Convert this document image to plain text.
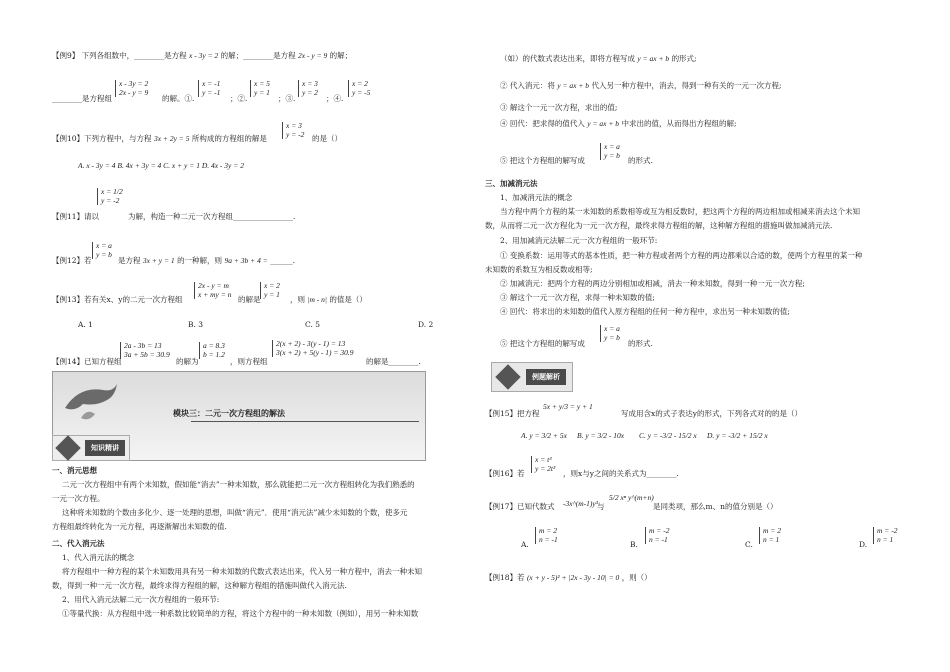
【例9】 下列各组数中，________是方程 x - 3y = 2 的解；________是方程 2x - y = 9 的解；
________是方程组
x - 3y = 2
2x - y = 9
的解。①.
x = -1
y = -1
；②.
x = 5
y = 1
；③.
x = 3
y = 2
；④.
x = 2
y = -5
【例10】下列方程中，与方程 3x + 2y = 5 所构成的方程组的解是
x = 3
y = -2 的是（）
A. x - 3y = 4 B. 4x + 3y = 4 C. x + y = 1 D. 4x - 3y = 2
【例11】请以
x = 1/2
y = -2
为解，构造一种二元一次方程组________________.
【例12】若
x = a
y = b
是方程 3x + y = 1 的一种解，则 9a + 3b + 4 = ______.
【例13】若有关x、y的二元一次方程组
2x - y = m
x + my = n
的解是
x = 2
y = 1
，则 |m - n| 的值是（）
A. 1	B. 3	C. 5	D. 2
【例14】已知方程组
2a - 3b = 13
3a + 5b = 30.9
的解为
a = 8.3
b = 1.2
，则方程组
2(x + 2) - 3(y - 1) = 13
3(x + 2) + 5(y - 1) = 30.9
的解是________.
模块三：二元一次方程组的解法
知识精讲
一、消元思想
二元一次方程组中有两个未知数，假如能“消去”一种未知数，那么就能把二元一次方程组转化为我们熟悉的
一元一次方程。
这种将未知数的个数由多化少、逐一处理的思想，叫做“消元”．使用“消元法”减少未知数的个数，使多元
方程组最终转化为一元方程，再逐渐解出未知数的值.
二、代入消元法
1、代入消元法的概念
将方程组中一种方程的某个未知数用具有另一种未知数的代数式表达出来，代入另一种方程中，消去一种未知
数，得到一种一元一次方程，最终求得方程组的解，这种解方程组的措施叫做代入消元法.
2、用代入消元法解二元一次方程组的一般环节:
①等量代换：从方程组中选一种系数比较简单的方程，将这个方程中的一种未知数（例如），用另一种未知数
（如）的代数式表达出来，即将方程写成 y = ax + b 的形式;
② 代入消元：将 y = ax + b 代入另一种方程中，消去，得到一种有关的一元一次方程;
③ 解这个一元一次方程，求出的值;
④ 回代：把求得的值代入 y = ax + b 中求出的值，从而得出方程组的解;
⑤ 把这个方程组的解写成
x = a
y = b
的形式.
三、加减消元法
1、加减消元法的概念
当方程中两个方程的某一未知数的系数相等或互为相反数时，把这两个方程的两边相加或相减来消去这个未知
数，从而将二元一次方程化为一元一次方程，最终求得方程组的解，这种解方程组的措施叫做加减消元法.
2、用加减消元法解二元一次方程组的一般环节:
① 变换系数：运用等式的基本性质，把一种方程或者两个方程的两边都乘以合适的数，使两个方程里的某一种
未知数的系数互为相反数或相等;
② 加减消元：把两个方程的两边分别相加或相减，消去一种未知数，得到一种一元一次方程;
③ 解这个一元一次方程，求得一种未知数的值;
④ 回代：将求出的未知数的值代入原方程组的任何一种方程中，求出另一种未知数的值;
⑤ 把这个方程组的解写成
x = a
y = b
的形式.
【例15】把方程
5x + y/3 = y + 1
写成用含x的式子表达y的形式，下列各式对的的是（）
A. y = 3/2 + 5x B. y = 3/2 - 10x C. y = -3/2 - 15/2 x D. y = -3/2 + 15/2 x
【例16】若
x = t³
y = 2t³
，则x与y之间的关系式为________.
【例17】已知代数式 -3x^(m-1)y³ 与
5/2 xⁿ y^(m+n)
是同类项，那么m、n的值分别是（）
A.
m = 2
n = -1
B.
m = -2
n = -1
C.
m = 2
n = 1
D.
m = -2
n = 1
【例18】若 (x + y - 5)² + |2x - 3y - 10| = 0 ，则（）
例题解析
